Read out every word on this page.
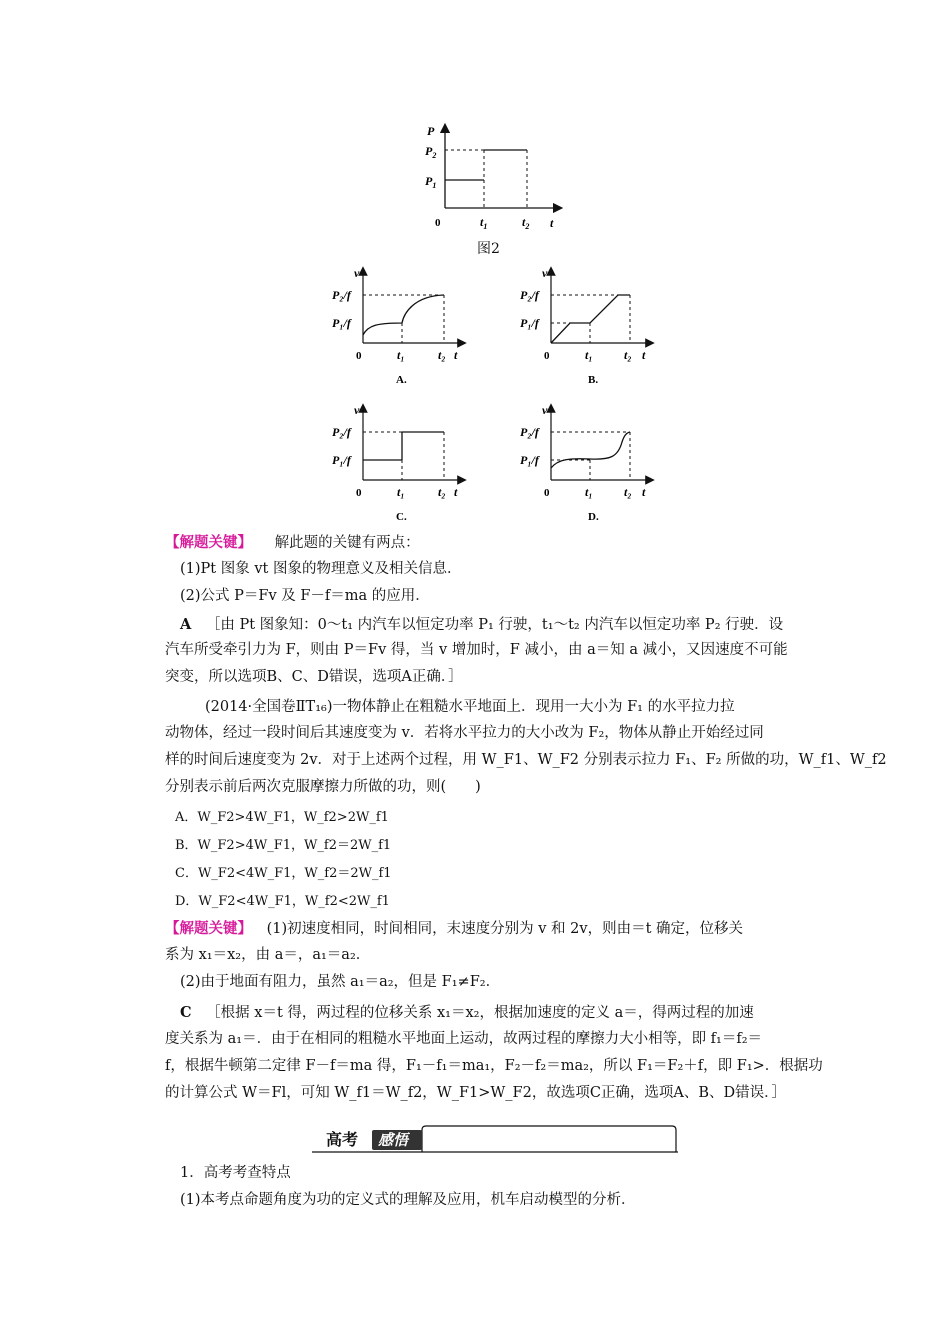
P
t
0
$P_2$
$P_1$
$t_1$	$t_2$
图2
v
t
0
P₂/f
P₁/f
t₁	t₂
A.
v
t
0
P₂/f
P₁/f
t₁	t₂
B.
v
t
0
P₂/f
P₁/f
t₁	t₂
C.
v
t
0
P₂/f
P₁/f
t₁	t₂
D.
【解题关键】 解此题的关键有两点：
(1)Pt 图象 vt 图象的物理意义及相关信息．
(2)公式 P＝Fv 及 F－f＝ma 的应用．
A ［由 Pt 图象知：0～t₁ 内汽车以恒定功率 P₁ 行驶，t₁～t₂ 内汽车以恒定功率 P₂ 行驶．设
汽车所受牵引力为 F，则由 P＝Fv 得，当 v 增加时，F 减小，由 a＝知 a 减小，又因速度不可能
突变，所以选项B、C、D错误，选项A正确．］
(2014·全国卷ⅡT₁₆)一物体静止在粗糙水平地面上．现用一大小为 F₁ 的水平拉力拉
动物体，经过一段时间后其速度变为 v．若将水平拉力的大小改为 F₂，物体从静止开始经过同
样的时间后速度变为 2v．对于上述两个过程，用 W_F1、W_F2 分别表示拉力 F₁、F₂ 所做的功，W_f1、W_f2
分别表示前后两次克服摩擦力所做的功，则(　　)
A．W_F2>4W_F1，W_f2>2W_f1
B．W_F2>4W_F1，W_f2＝2W_f1
C．W_F2<4W_F1，W_f2＝2W_f1
D．W_F2<4W_F1，W_f2<2W_f1
【解题关键】 (1)初速度相同，时间相同，末速度分别为 v 和 2v，则由＝t 确定，位移关
系为 x₁＝x₂，由 a＝，a₁＝a₂．
(2)由于地面有阻力，虽然 a₁＝a₂，但是 F₁≠F₂．
C ［根据 x＝t 得，两过程的位移关系 x₁＝x₂，根据加速度的定义 a＝，得两过程的加速
度关系为 a₁＝．由于在相同的粗糙水平地面上运动，故两过程的摩擦力大小相等，即 f₁＝f₂＝
f，根据牛顿第二定律 F－f＝ma 得，F₁－f₁＝ma₁，F₂－f₂＝ma₂，所以 F₁＝F₂＋f，即 F₁>．根据功
的计算公式 W＝Fl，可知 W_f1＝W_f2，W_F1>W_F2，故选项C正确，选项A、B、D错误．］
高考 感悟
1．高考考查特点
(1)本考点命题角度为功的定义式的理解及应用，机车启动模型的分析．
